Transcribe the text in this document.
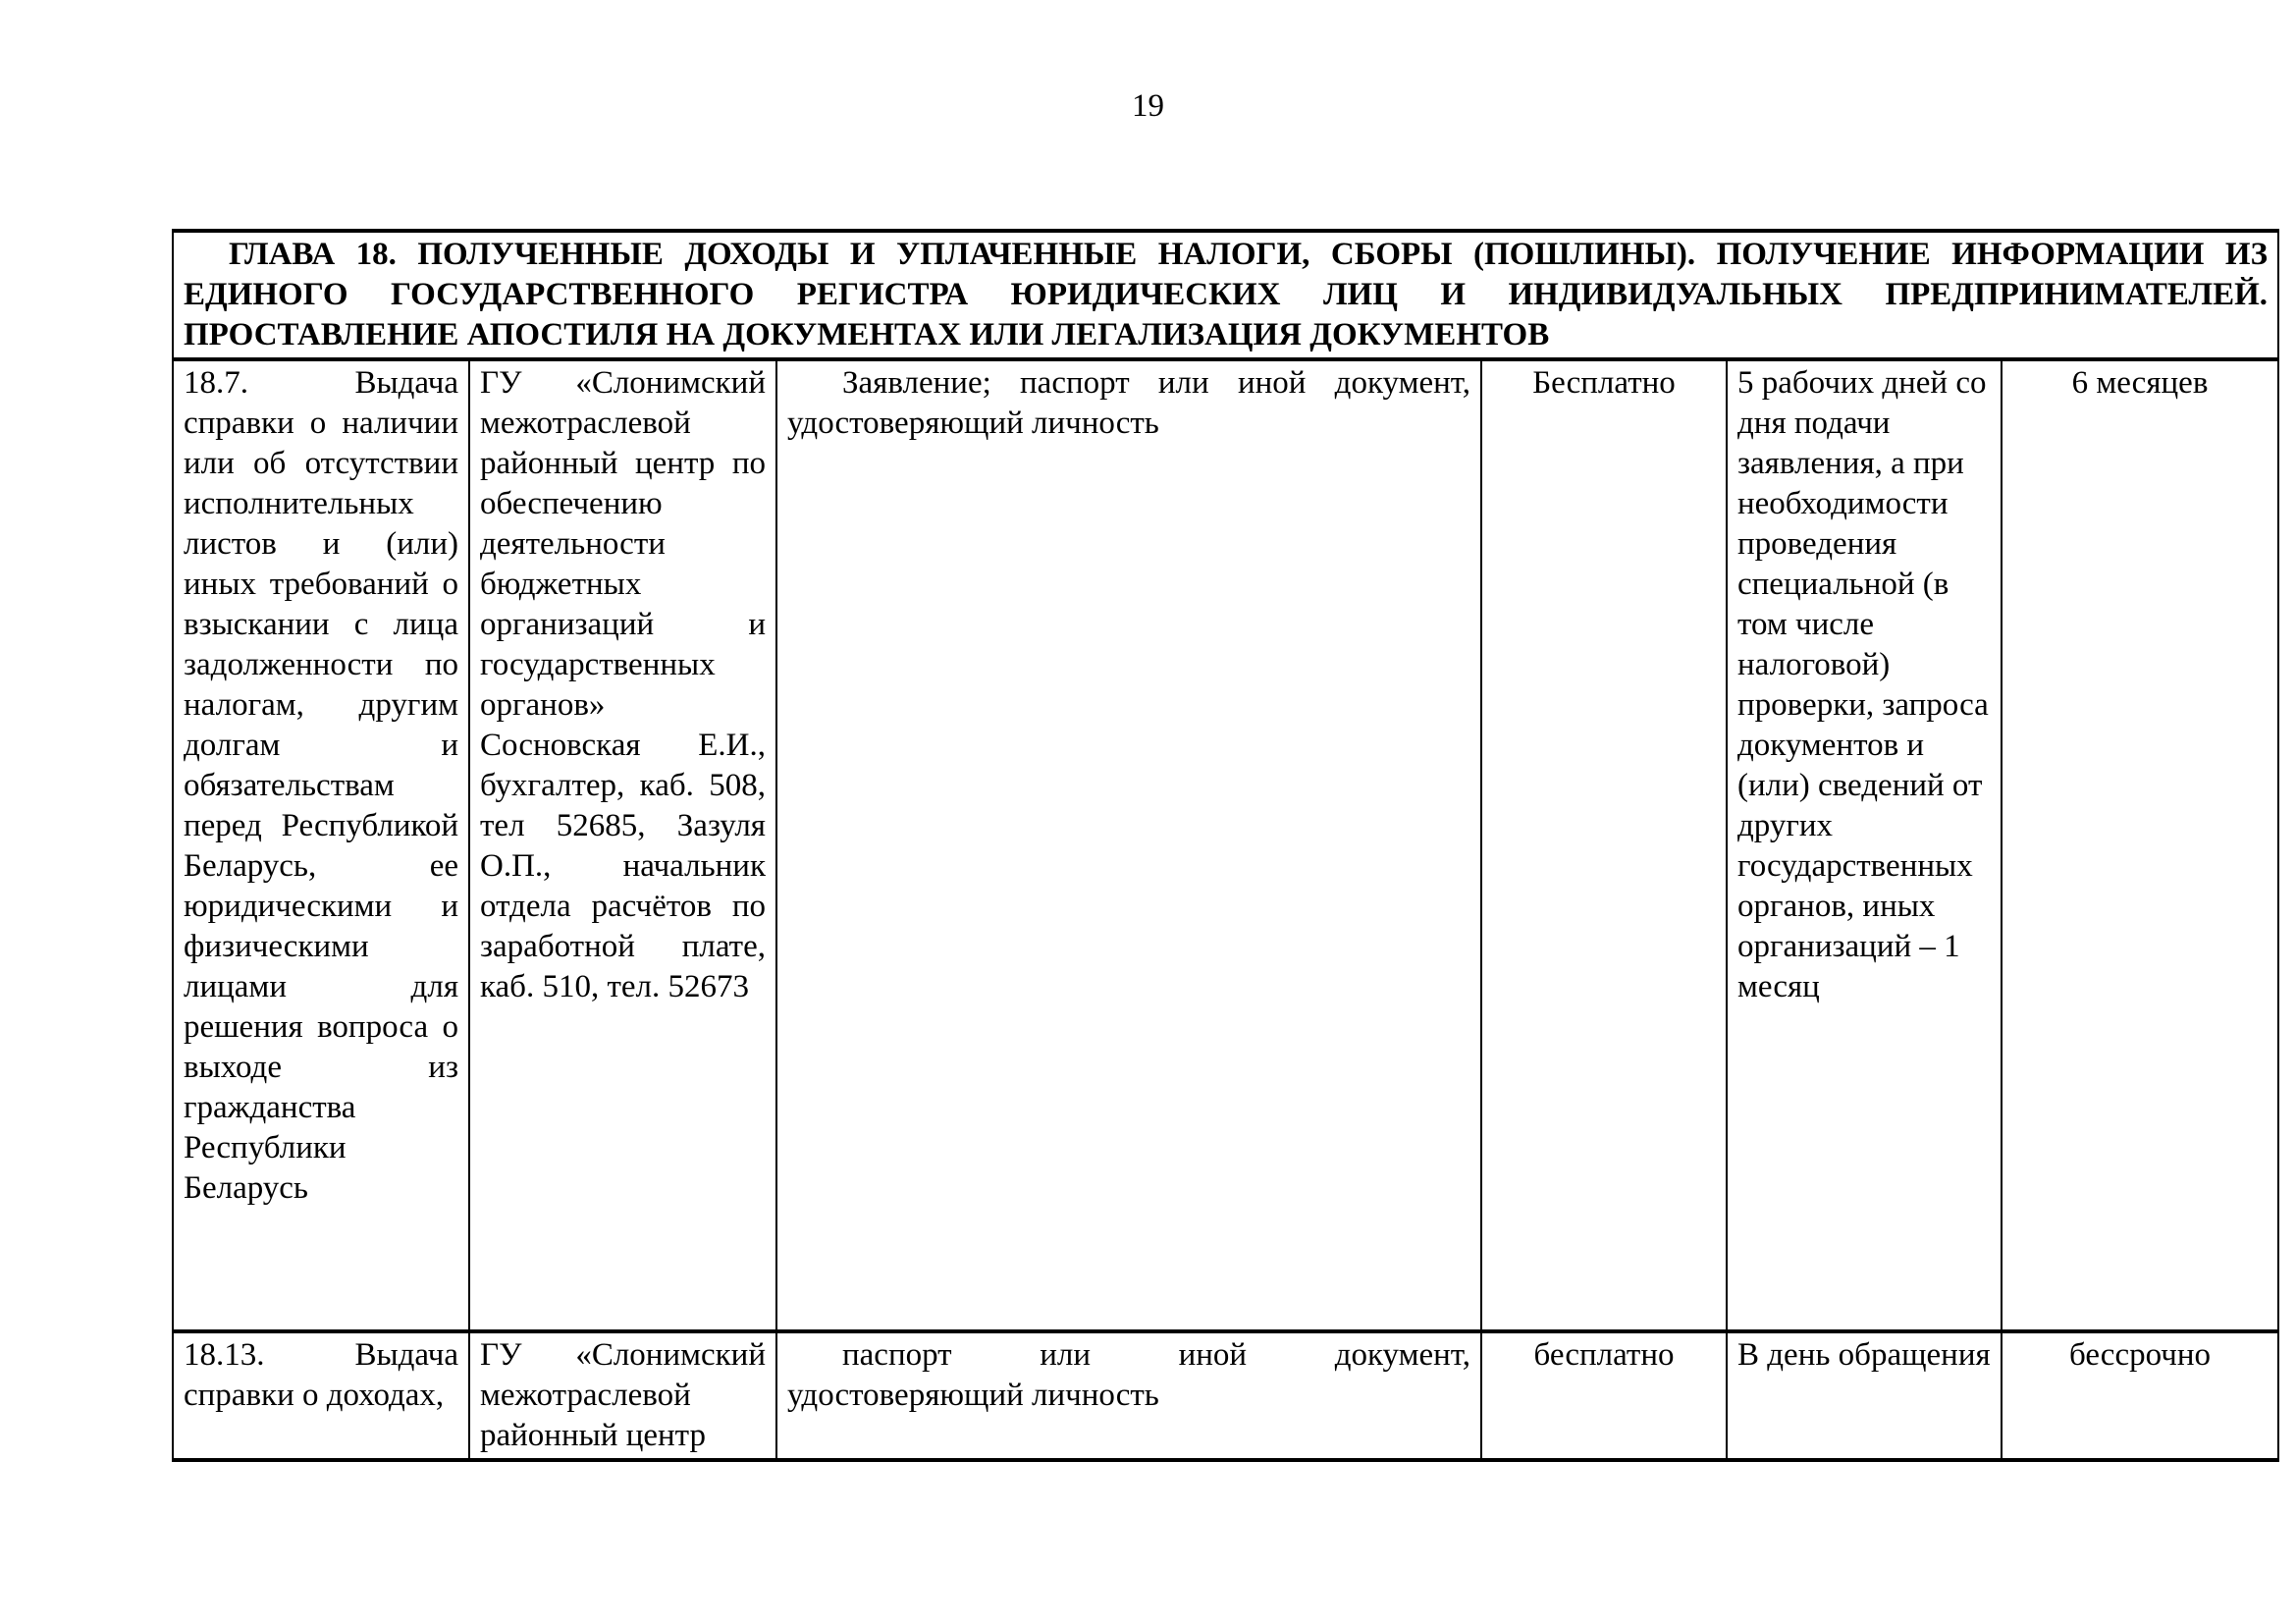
19
ГЛАВА 18. ПОЛУЧЕННЫЕ ДОХОДЫ И УПЛАЧЕННЫЕ НАЛОГИ, СБОРЫ (ПОШЛИНЫ). ПОЛУЧЕНИЕ ИНФОРМАЦИИ ИЗ ЕДИНОГО ГОСУДАРСТВЕННОГО РЕГИСТРА ЮРИДИЧЕСКИХ ЛИЦ И ИНДИВИДУАЛЬНЫХ ПРЕДПРИНИМАТЕЛЕЙ. ПРОСТАВЛЕНИЕ АПОСТИЛЯ НА ДОКУМЕНТАХ ИЛИ ЛЕГАЛИЗАЦИЯ ДОКУМЕНТОВ					
18.7. Выдача справки о наличии или об отсутствии исполнительных листов и (или) иных требований о взыскании с лица задолженности по налогам, другим долгам и обязательствам перед Республикой Беларусь, ее юридическими и физическими лицами для решения вопроса о выходе из гражданства Республики Беларусь	ГУ «Слонимский межотраслевой районный центр по обеспечению деятельности бюджетных организаций и государственных органов» Сосновская Е.И., бухгалтер, каб. 508, тел 52685, Зазуля О.П., начальник отдела расчётов по заработной плате, каб. 510, тел. 52673	Заявление; паспорт или иной документ, удостоверяющий личность	Бесплатно	5 рабочих дней со дня подачи заявления, а при необходимости проведения специальной (в том числе налоговой) проверки, запроса документов и (или) сведений от других государственных органов, иных организаций – 1 месяц	6 месяцев
18.13. Выдача справки о доходах,	ГУ «Слонимский межотраслевой районный центр	паспорт или иной документ, удостоверяющий личность	бесплатно	В день обращения	бессрочно
